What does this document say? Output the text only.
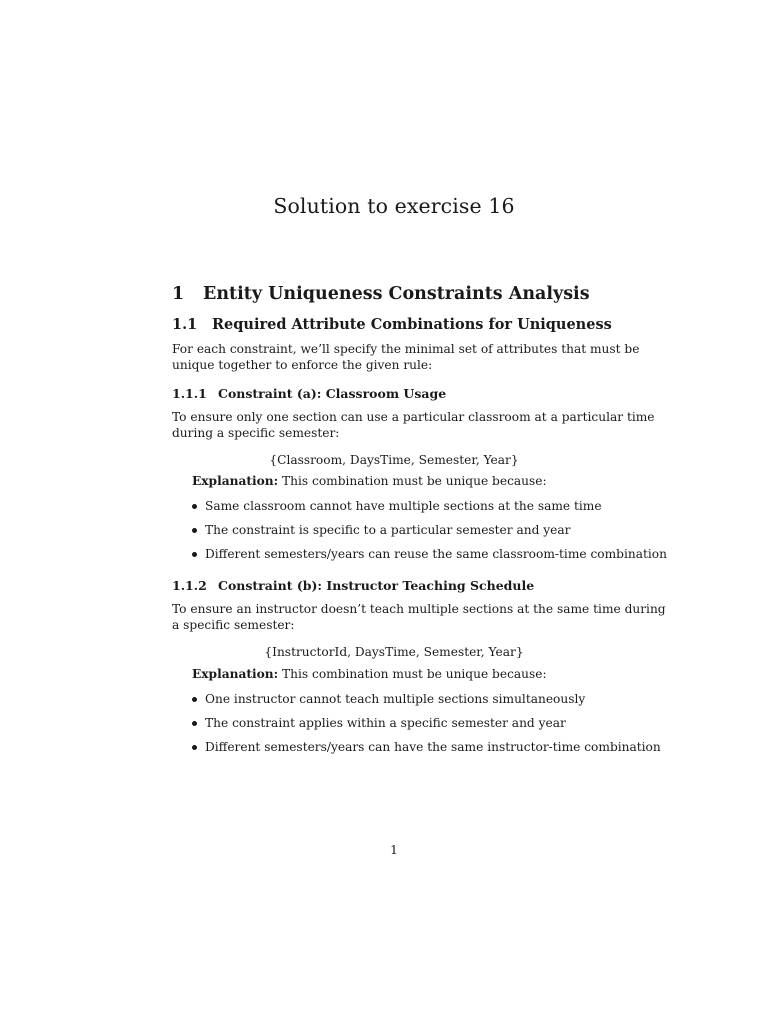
Solution to exercise 16
1 Entity Uniqueness Constraints Analysis
1.1 Required Attribute Combinations for Uniqueness

For each constraint, we’ll specify the minimal set of attributes that must be
unique together to enforce the given rule:

1.1.1 Constraint (a): Classroom Usage

To ensure only one section can use a particular classroom at a particular time
during a specific semester:

{Classroom, DaysTime, Semester, Year}

Explanation: This combination must be unique because:

Same classroom cannot have multiple sections at the same time
The constraint is specific to a particular semester and year
Different semesters/years can reuse the same classroom-time combination
1.1.2 Constraint (b): Instructor Teaching Schedule

To ensure an instructor doesn’t teach multiple sections at the same time during
a specific semester:

{InstructorId, DaysTime, Semester, Year}

Explanation: This combination must be unique because:

One instructor cannot teach multiple sections simultaneously
The constraint applies within a specific semester and year
Different semesters/years can have the same instructor-time combination

1
